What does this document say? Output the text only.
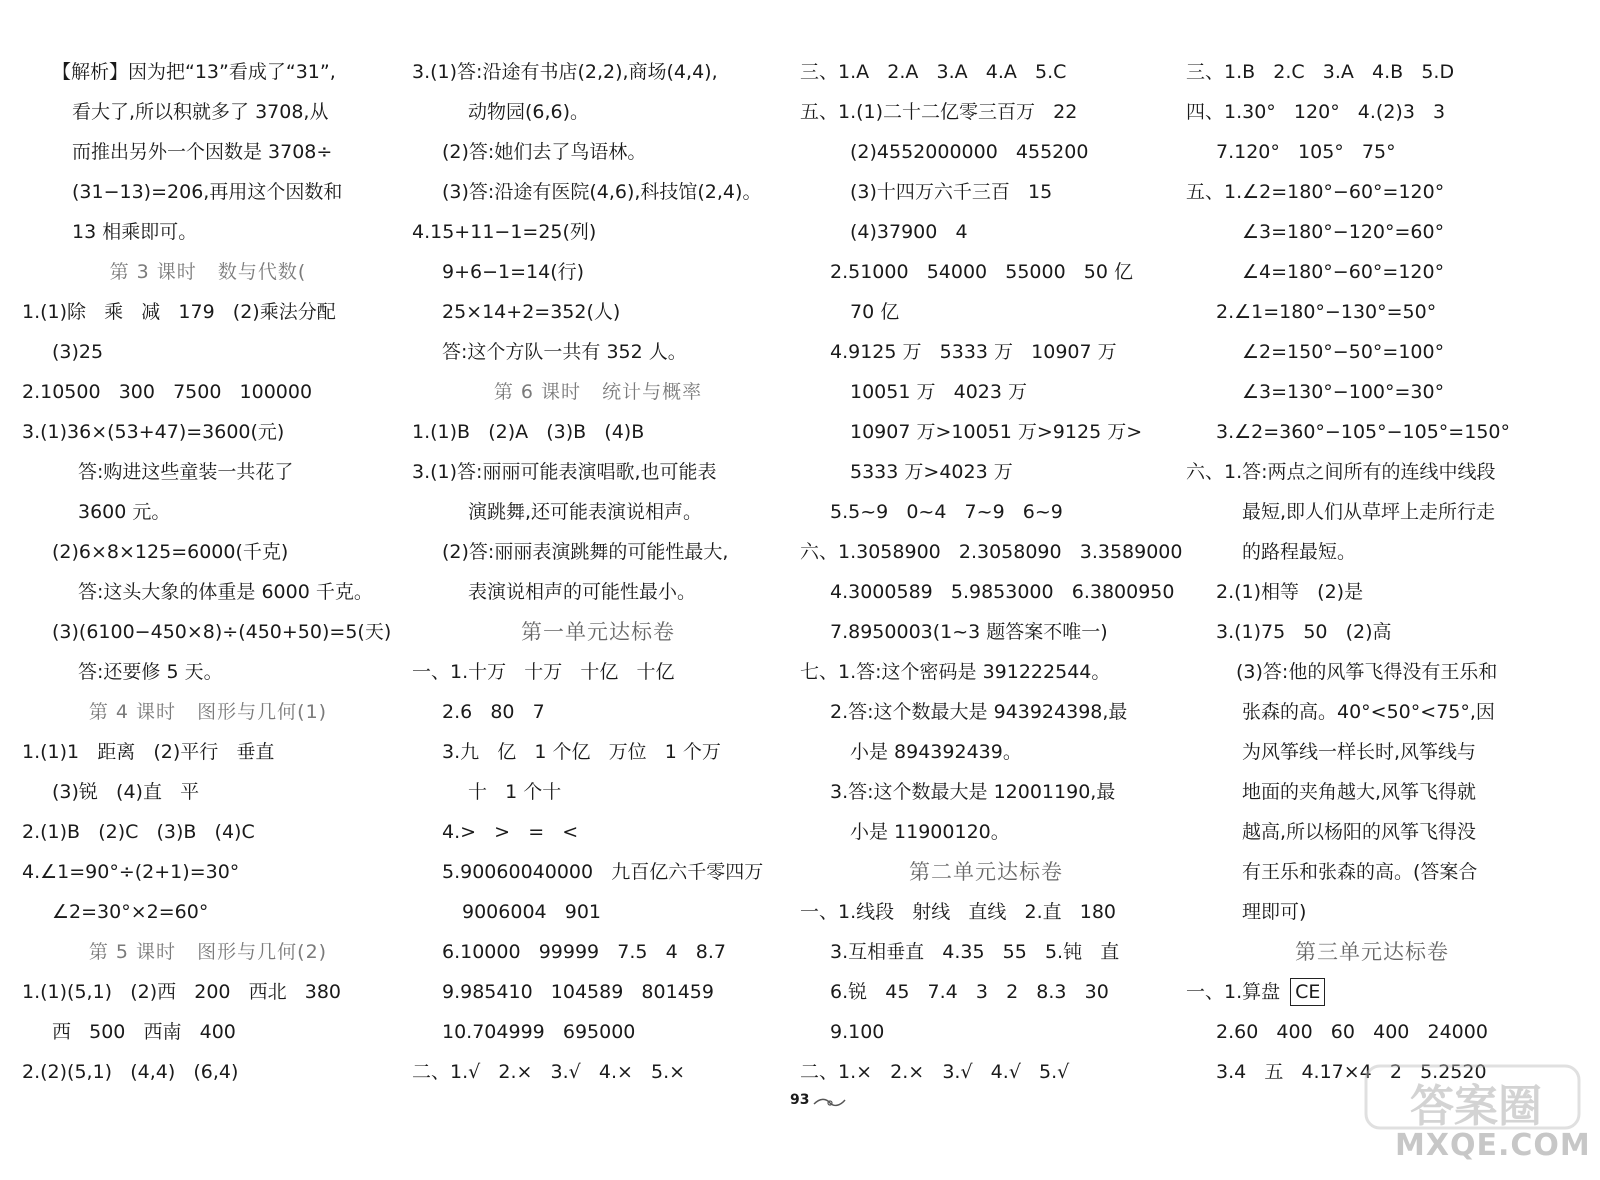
【解析】因为把“13”看成了“31”,
看大了,所以积就多了 3708,从
而推出另外一个因数是 3708÷
(31−13)=206,再用这个因数和
13 相乘即可。
第 3 课时   数与代数(
1.(1)除   乘   减   179   (2)乘法分配
(3)25
2.10500   300   7500   100000
3.(1)36×(53+47)=3600(元)
答:购进这些童装一共花了
3600 元。
(2)6×8×125=6000(千克)
答:这头大象的体重是 6000 千克。
(3)(6100−450×8)÷(450+50)=5(天)
答:还要修 5 天。
第 4 课时   图形与几何(1)
1.(1)1   距离   (2)平行   垂直
(3)锐   (4)直   平
2.(1)B   (2)C   (3)B   (4)C
4.∠1=90°÷(2+1)=30°
∠2=30°×2=60°
第 5 课时   图形与几何(2)
1.(1)(5,1)   (2)西   200   西北   380
西   500   西南   400
2.(2)(5,1)   (4,4)   (6,4)
3.(1)答:沿途有书店(2,2),商场(4,4),
动物园(6,6)。
(2)答:她们去了鸟语林。
(3)答:沿途有医院(4,6),科技馆(2,4)。
4.15+11−1=25(列)
9+6−1=14(行)
25×14+2=352(人)
答:这个方队一共有 352 人。
第 6 课时   统计与概率
1.(1)B   (2)A   (3)B   (4)B
3.(1)答:丽丽可能表演唱歌,也可能表
演跳舞,还可能表演说相声。
(2)答:丽丽表演跳舞的可能性最大,
表演说相声的可能性最小。
第一单元达标卷
一、1.十万   十万   十亿   十亿
2.6   80   7
3.九   亿   1 个亿   万位   1 个万
十   1 个十
4.>   >   =   <
5.90060040000   九百亿六千零四万
9006004   901
6.10000   99999   7.5   4   8.7
9.985410   104589   801459
10.704999   695000
二、1.√   2.×   3.√   4.×   5.×
三、1.A   2.A   3.A   4.A   5.C
五、1.(1)二十二亿零三百万   22
(2)4552000000   455200
(3)十四万六千三百   15
(4)37900   4
2.51000   54000   55000   50 亿
70 亿
4.9125 万   5333 万   10907 万
10051 万   4023 万
10907 万>10051 万>9125 万>
5333 万>4023 万
5.5~9   0~4   7~9   6~9
六、1.3058900   2.3058090   3.3589000
4.3000589   5.9853000   6.3800950
7.8950003(1~3 题答案不唯一)
七、1.答:这个密码是 391222544。
2.答:这个数最大是 943924398,最
小是 894392439。
3.答:这个数最大是 12001190,最
小是 11900120。
第二单元达标卷
一、1.线段   射线   直线   2.直   180
3.互相垂直   4.35   55   5.钝   直
6.锐   45   7.4   3   2   8.3   30
9.100
二、1.×   2.×   3.√   4.√   5.√
三、1.B   2.C   3.A   4.B   5.D
四、1.30°   120°   4.(2)3   3
7.120°   105°   75°
五、1.∠2=180°−60°=120°
∠3=180°−120°=60°
∠4=180°−60°=120°
2.∠1=180°−130°=50°
∠2=150°−50°=100°
∠3=130°−100°=30°
3.∠2=360°−105°−105°=150°
六、1.答:两点之间所有的连线中线段
最短,即人们从草坪上走所行走
的路程最短。
2.(1)相等   (2)是
3.(1)75   50   (2)高
(3)答:他的风筝飞得没有王乐和
张森的高。40°<50°<75°,因
为风筝线一样长时,风筝线与
地面的夹角越大,风筝飞得就
越高,所以杨阳的风筝飞得没
有王乐和张森的高。(答案合
理即可)
第三单元达标卷
一、1.算盘 CE
2.60   400   60   400   24000
3.4   五   4.17×4   2   5.2520
93	答案圈
MXQE.COM
